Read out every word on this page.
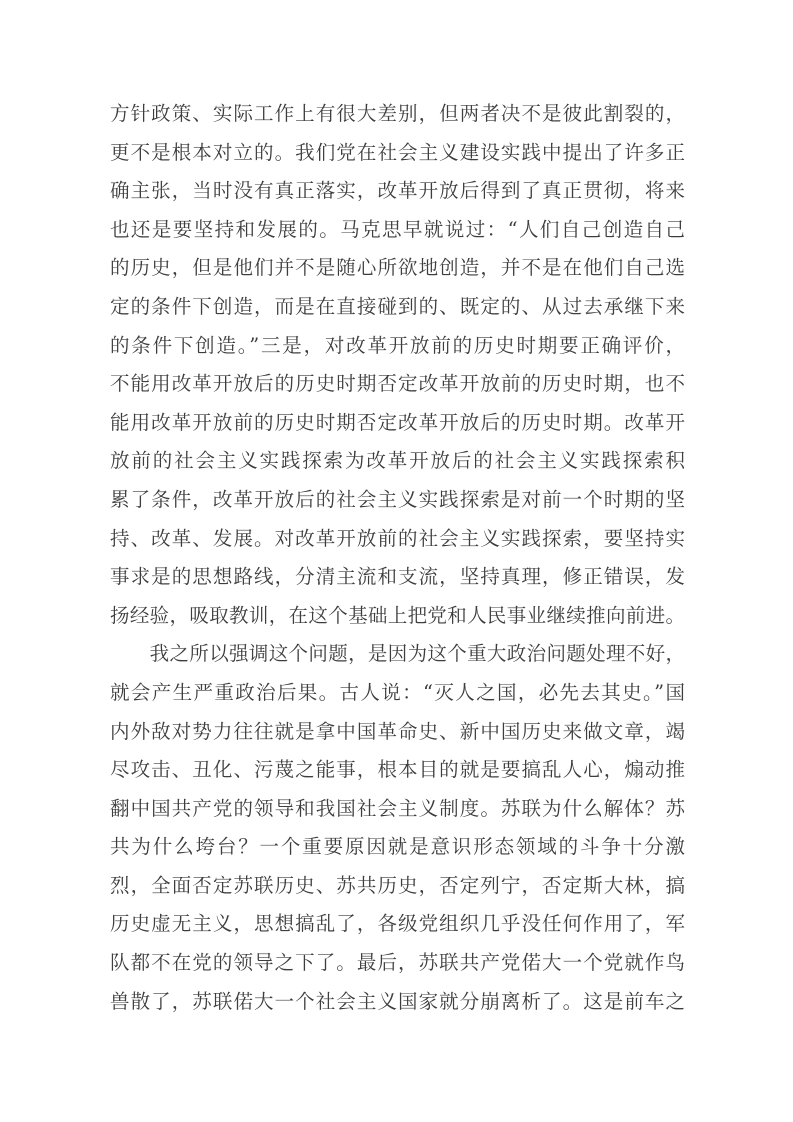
方针政策、实际工作上有很大差别，但两者决不是彼此割裂的，
更不是根本对立的。我们党在社会主义建设实践中提出了许多正
确主张，当时没有真正落实，改革开放后得到了真正贯彻，将来
也还是要坚持和发展的。马克思早就说过：“人们自己创造自己
的历史，但是他们并不是随心所欲地创造，并不是在他们自己选
定的条件下创造，而是在直接碰到的、既定的、从过去承继下来
的条件下创造。”三是，对改革开放前的历史时期要正确评价，
不能用改革开放后的历史时期否定改革开放前的历史时期，也不
能用改革开放前的历史时期否定改革开放后的历史时期。改革开
放前的社会主义实践探索为改革开放后的社会主义实践探索积
累了条件，改革开放后的社会主义实践探索是对前一个时期的坚
持、改革、发展。对改革开放前的社会主义实践探索，要坚持实
事求是的思想路线，分清主流和支流，坚持真理，修正错误，发
扬经验，吸取教训，在这个基础上把党和人民事业继续推向前进。
　　我之所以强调这个问题，是因为这个重大政治问题处理不好，
就会产生严重政治后果。古人说：“灭人之国，必先去其史。”国
内外敌对势力往往就是拿中国革命史、新中国历史来做文章，竭
尽攻击、丑化、污蔑之能事，根本目的就是要搞乱人心，煽动推
翻中国共产党的领导和我国社会主义制度。苏联为什么解体？苏
共为什么垮台？一个重要原因就是意识形态领域的斗争十分激
烈，全面否定苏联历史、苏共历史，否定列宁，否定斯大林，搞
历史虚无主义，思想搞乱了，各级党组织几乎没任何作用了，军
队都不在党的领导之下了。最后，苏联共产党偌大一个党就作鸟
兽散了，苏联偌大一个社会主义国家就分崩离析了。这是前车之
